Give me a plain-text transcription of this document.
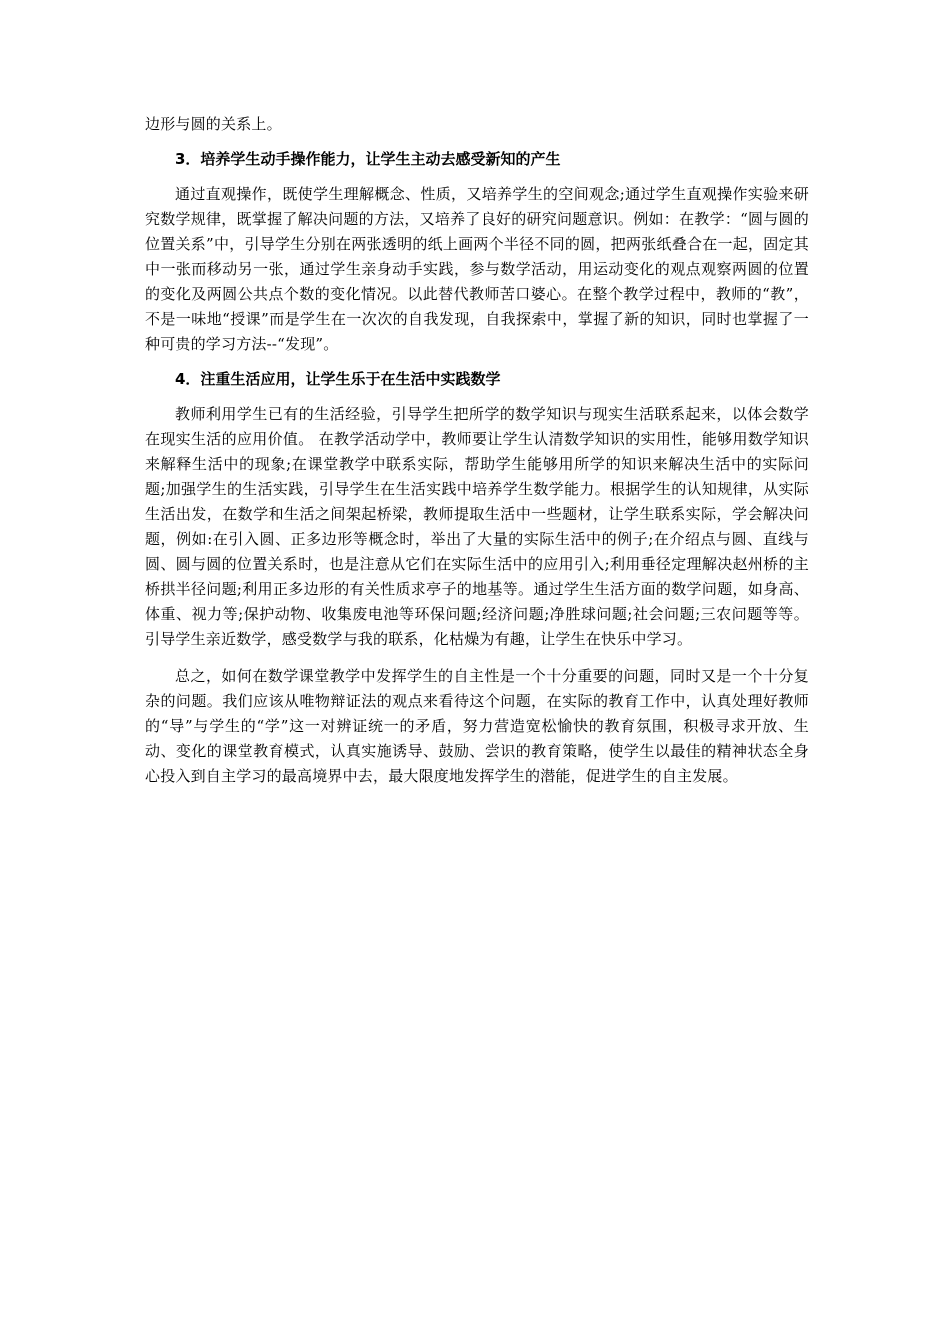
边形与圆的关系上。

3．培养学生动手操作能力，让学生主动去感受新知的产生

通过直观操作，既使学生理解概念、性质，又培养学生的空间观念;通过学生直观操作实验来研究数学规律，既掌握了解决问题的方法，又培养了良好的研究问题意识。例如：在教学：“圆与圆的位置关系”中，引导学生分别在两张透明的纸上画两个半径不同的圆，把两张纸叠合在一起，固定其中一张而移动另一张，通过学生亲身动手实践，参与数学活动，用运动变化的观点观察两圆的位置的变化及两圆公共点个数的变化情况。以此替代教师苦口婆心。在整个教学过程中，教师的“教”，不是一味地“授课”而是学生在一次次的自我发现，自我探索中，掌握了新的知识，同时也掌握了一种可贵的学习方法--“发现”。

4．注重生活应用，让学生乐于在生活中实践数学

教师利用学生已有的生活经验，引导学生把所学的数学知识与现实生活联系起来，以体会数学在现实生活的应用价值。 在教学活动学中，教师要让学生认清数学知识的实用性，能够用数学知识来解释生活中的现象;在课堂教学中联系实际，帮助学生能够用所学的知识来解决生活中的实际问题;加强学生的生活实践，引导学生在生活实践中培养学生数学能力。根据学生的认知规律，从实际生活出发，在数学和生活之间架起桥梁，教师提取生活中一些题材，让学生联系实际，学会解决问题，例如:在引入圆、正多边形等概念时，举出了大量的实际生活中的例子;在介绍点与圆、直线与圆、圆与圆的位置关系时，也是注意从它们在实际生活中的应用引入;利用垂径定理解决赵州桥的主桥拱半径问题;利用正多边形的有关性质求亭子的地基等。通过学生生活方面的数学问题，如身高、体重、视力等;保护动物、收集废电池等环保问题;经济问题;净胜球问题;社会问题;三农问题等等。引导学生亲近数学，感受数学与我的联系，化枯燥为有趣，让学生在快乐中学习。

总之，如何在数学课堂教学中发挥学生的自主性是一个十分重要的问题，同时又是一个十分复杂的问题。我们应该从唯物辩证法的观点来看待这个问题，在实际的教育工作中，认真处理好教师的“导”与学生的“学”这一对辨证统一的矛盾，努力营造宽松愉快的教育氛围，积极寻求开放、生动、变化的课堂教育模式，认真实施诱导、鼓励、尝识的教育策略，使学生以最佳的精神状态全身心投入到自主学习的最高境界中去，最大限度地发挥学生的潜能，促进学生的自主发展。
